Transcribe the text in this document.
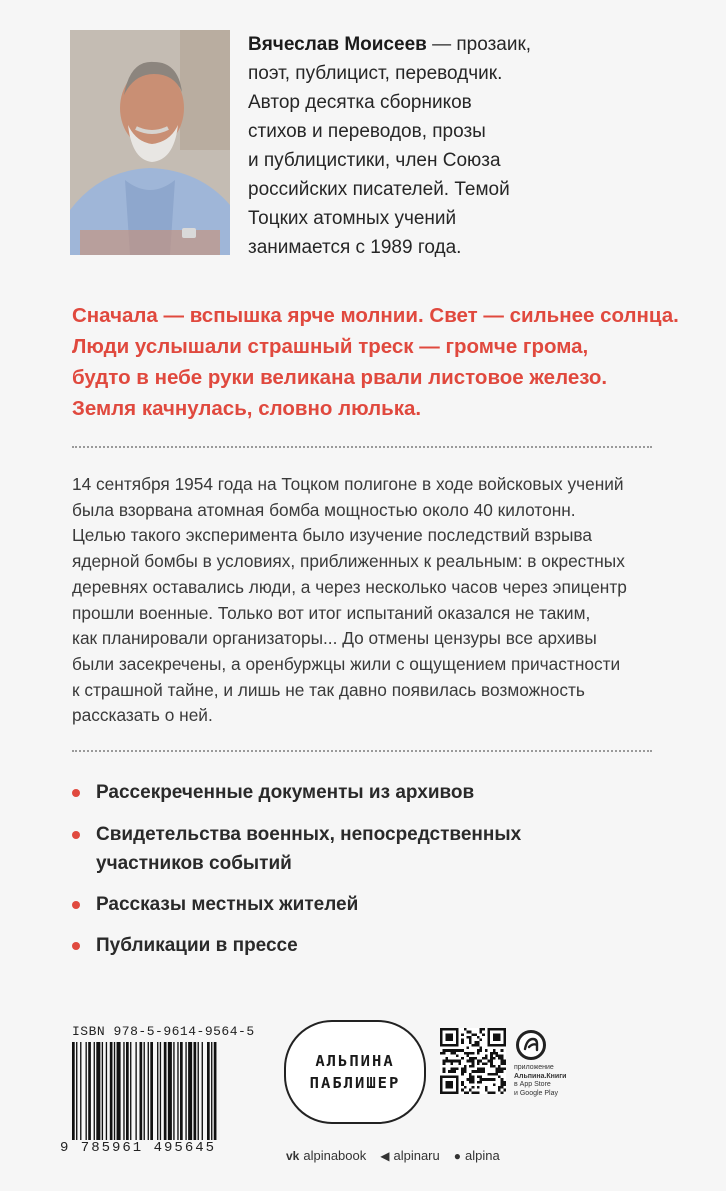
Вячеслав Моисеев — прозаик,
поэт, публицист, переводчик.
Автор десятка сборников
стихов и переводов, прозы
и публицистики, член Союза
российских писателей. Темой
Тоцких атомных учений
занимается с 1989 года.
Сначала — вспышка ярче молнии. Свет — сильнее солнца.
Люди услышали страшный треск — громче грома,
будто в небе руки великана рвали листовое железо.
Земля качнулась, словно люлька.
14 сентября 1954 года на Тоцком полигоне в ходе войсковых учений
была взорвана атомная бомба мощностью около 40 килотонн.
Целью такого эксперимента было изучение последствий взрыва
ядерной бомбы в условиях, приближенных к реальным: в окрестных
деревнях оставались люди, а через несколько часов через эпицентр
прошли военные. Только вот итог испытаний оказался не таким,
как планировали организаторы... До отмены цензуры все архивы
были засекречены, а оренбуржцы жили с ощущением причастности
к страшной тайне, и лишь не так давно появилась возможность
рассказать о ней.
Рассекреченные документы из архивов
Свидетельства военных, непосредственных
участников событий
Рассказы местных жителей
Публикации в прессе
ISBN 978-5-9614-9564-5
9 785961 495645
АЛЬПИНА
ПАБЛИШЕР
приложение
Альпина.Книги
в App Store
и Google Play
vk alpinabook ◀ alpinaru ● alpina
